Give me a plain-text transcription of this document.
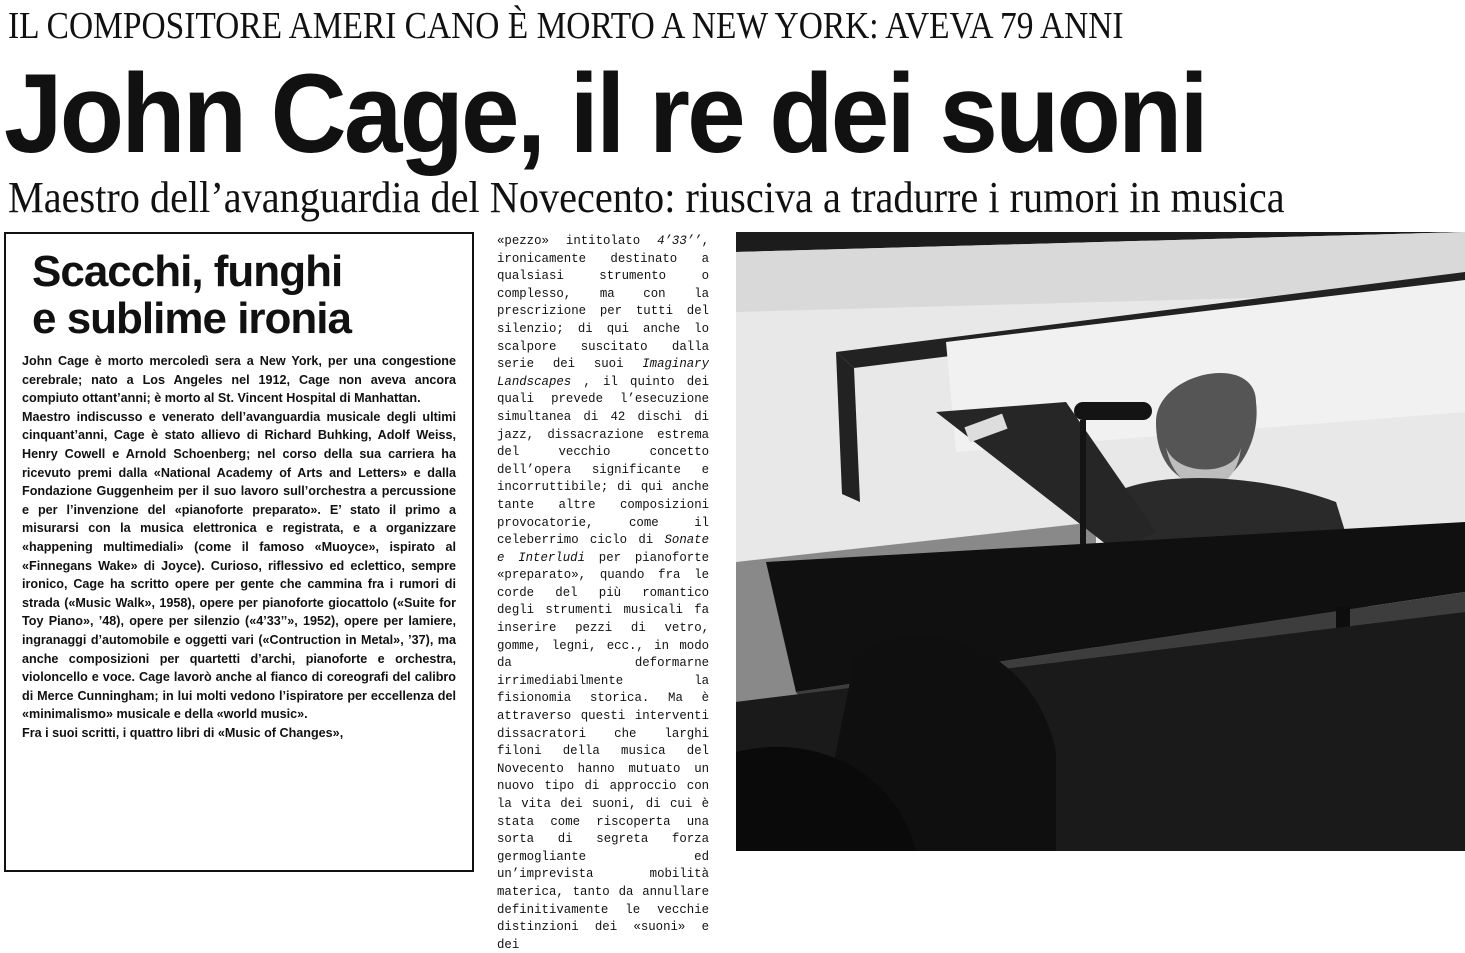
IL COMPOSITORE AMERI CANO È MORTO A NEW YORK: AVEVA 79 ANNI
John Cage, il re dei suoni
Maestro dell’avanguardia del Novecento: riusciva a tradurre i rumori in musica
Scacchi, funghi
e sublime ironia

John Cage è morto mercoledì sera a New York, per una congestione cerebrale; nato a Los Angeles nel 1912, Cage non aveva ancora compiuto ottant’anni; è morto al St. Vincent Hospital di Manhattan.

Maestro indiscusso e venerato dell’avanguardia musicale degli ultimi cinquant’anni, Cage è stato allievo di Richard Buhking, Adolf Weiss, Henry Cowell e Arnold Schoenberg; nel corso della sua carriera ha ricevuto premi dalla «National Academy of Arts and Letters» e dalla Fondazione Guggenheim per il suo lavoro sull’orchestra a percussione e per l’invenzione del «pianoforte preparato». E’ stato il primo a misurarsi con la musica elettronica e registrata, e a organizzare «happening multimediali» (come il famoso «Muoyce», ispirato al «Finnegans Wake» di Joyce). Curioso, riflessivo ed eclettico, sempre ironico, Cage ha scritto opere per gente che cammina fra i rumori di strada («Music Walk», 1958), opere per pianoforte giocattolo («Suite for Toy Piano», ’48), opere per silenzio («4’33’’», 1952), opere per lamiere, ingranaggi d’automobile e oggetti vari («Contruction in Metal», ’37), ma anche composizioni per quartetti d’archi, pianoforte e orchestra, violoncello e voce. Cage lavorò anche al fianco di coreografi del calibro di Merce Cunningham; in lui molti vedono l’ispiratore per eccellenza del «minimalismo» musicale e della «world music».

Fra i suoi scritti, i quattro libri di «Music of Changes»,

«pezzo» intitolato 4’33’’, ironicamente destinato a qualsiasi strumento o complesso, ma con la prescrizione per tutti del silenzio; di qui anche lo scalpore suscitato dalla serie dei suoi Imaginary Landscapes , il quinto dei quali prevede l’esecuzione simultanea di 42 dischi di jazz, dissacrazione estrema del vecchio concetto dell’opera significante e incorruttibile; di qui anche tante altre composizioni provocatorie, come il celeberrimo ciclo di Sonate e Interludi per pianoforte «preparato», quando fra le corde del più romantico degli strumenti musicali fa inserire pezzi di vetro, gomme, legni, ecc., in modo da deformarne irrimediabilmente la fisionomia storica. Ma è attraverso questi interventi dissacratori che larghi filoni della musica del Novecento hanno mutuato un nuovo tipo di approccio con la vita dei suoni, di cui è stata come riscoperta una sorta di segreta forza germogliante ed un’imprevista mobilità materica, tanto da annullare definitivamente le vecchie distinzioni dei «suoni» e dei
